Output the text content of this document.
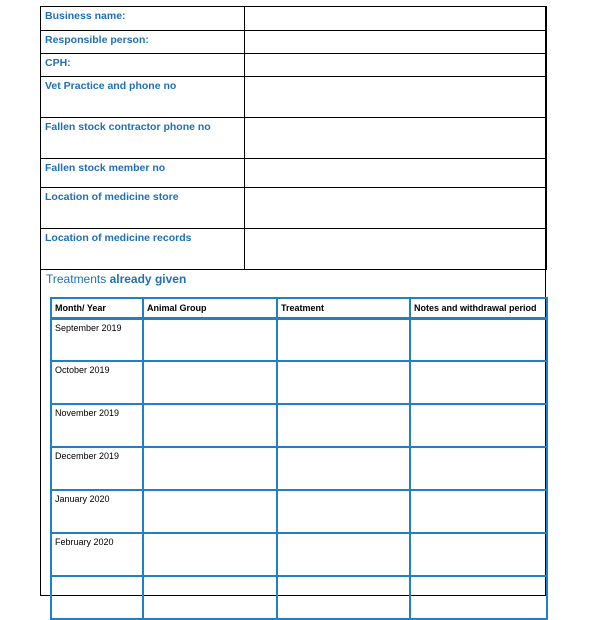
Business name:	
Responsible person:	
CPH:	
Vet Practice and phone no	
Fallen stock contractor phone no	
Fallen stock member no	
Location of medicine store	
Location of medicine records	
Treatments already given
Month/ Year	Animal Group	Treatment	Notes and withdrawal period
September 2019			
October 2019			
November 2019			
December 2019			
January 2020			
February 2020			
